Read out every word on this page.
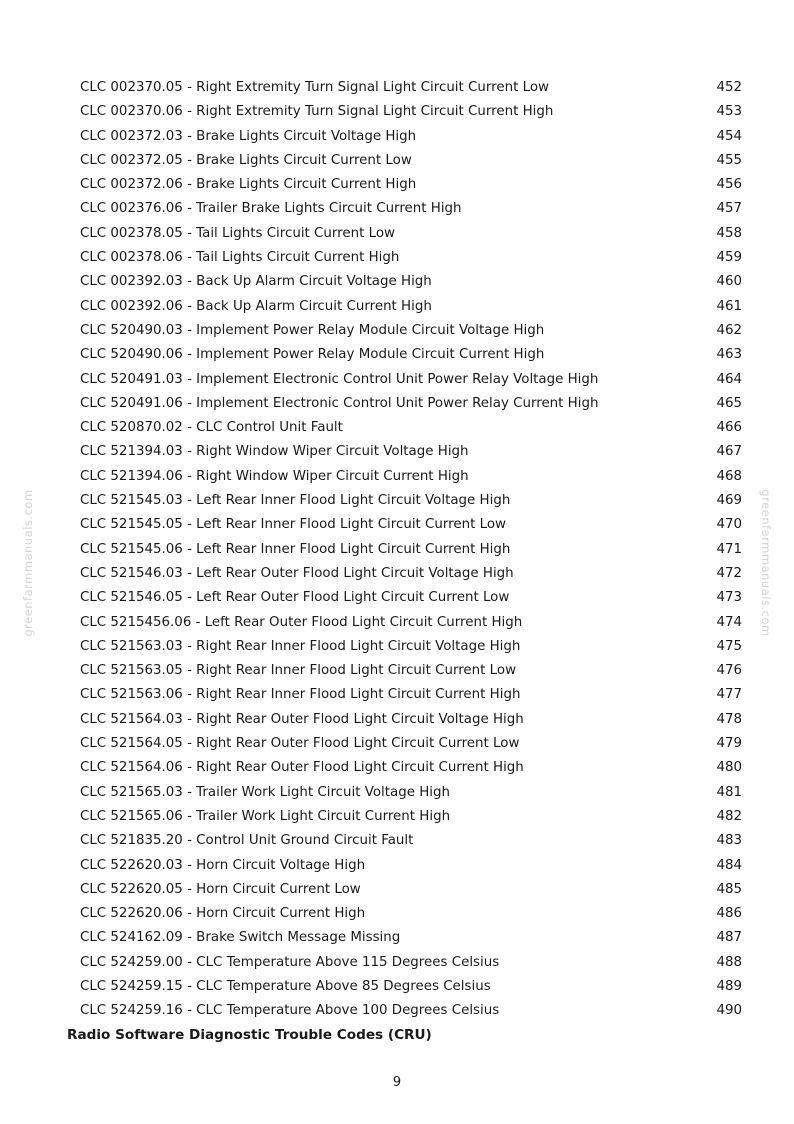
greenfarmmanuals.com	greenfarmmanuals.com
CLC 002370.05 - Right Extremity Turn Signal Light Circuit Current Low	452
CLC 002370.06 - Right Extremity Turn Signal Light Circuit Current High	453
CLC 002372.03 - Brake Lights Circuit Voltage High	454
CLC 002372.05 - Brake Lights Circuit Current Low	455
CLC 002372.06 - Brake Lights Circuit Current High	456
CLC 002376.06 - Trailer Brake Lights Circuit Current High	457
CLC 002378.05 - Tail Lights Circuit Current Low	458
CLC 002378.06 - Tail Lights Circuit Current High	459
CLC 002392.03 - Back Up Alarm Circuit Voltage High	460
CLC 002392.06 - Back Up Alarm Circuit Current High	461
CLC 520490.03 - Implement Power Relay Module Circuit Voltage High	462
CLC 520490.06 - Implement Power Relay Module Circuit Current High	463
CLC 520491.03 - Implement Electronic Control Unit Power Relay Voltage High	464
CLC 520491.06 - Implement Electronic Control Unit Power Relay Current High	465
CLC 520870.02 - CLC Control Unit Fault	466
CLC 521394.03 - Right Window Wiper Circuit Voltage High	467
CLC 521394.06 - Right Window Wiper Circuit Current High	468
CLC 521545.03 - Left Rear Inner Flood Light Circuit Voltage High	469
CLC 521545.05 - Left Rear Inner Flood Light Circuit Current Low	470
CLC 521545.06 - Left Rear Inner Flood Light Circuit Current High	471
CLC 521546.03 - Left Rear Outer Flood Light Circuit Voltage High	472
CLC 521546.05 - Left Rear Outer Flood Light Circuit Current Low	473
CLC 5215456.06 - Left Rear Outer Flood Light Circuit Current High	474
CLC 521563.03 - Right Rear Inner Flood Light Circuit Voltage High	475
CLC 521563.05 - Right Rear Inner Flood Light Circuit Current Low	476
CLC 521563.06 - Right Rear Inner Flood Light Circuit Current High	477
CLC 521564.03 - Right Rear Outer Flood Light Circuit Voltage High	478
CLC 521564.05 - Right Rear Outer Flood Light Circuit Current Low	479
CLC 521564.06 - Right Rear Outer Flood Light Circuit Current High	480
CLC 521565.03 - Trailer Work Light Circuit Voltage High	481
CLC 521565.06 - Trailer Work Light Circuit Current High	482
CLC 521835.20 - Control Unit Ground Circuit Fault	483
CLC 522620.03 - Horn Circuit Voltage High	484
CLC 522620.05 - Horn Circuit Current Low	485
CLC 522620.06 - Horn Circuit Current High	486
CLC 524162.09 - Brake Switch Message Missing	487
CLC 524259.00 - CLC Temperature Above 115 Degrees Celsius	488
CLC 524259.15 - CLC Temperature Above 85 Degrees Celsius	489
CLC 524259.16 - CLC Temperature Above 100 Degrees Celsius	490
Radio Software Diagnostic Trouble Codes (CRU)
9
